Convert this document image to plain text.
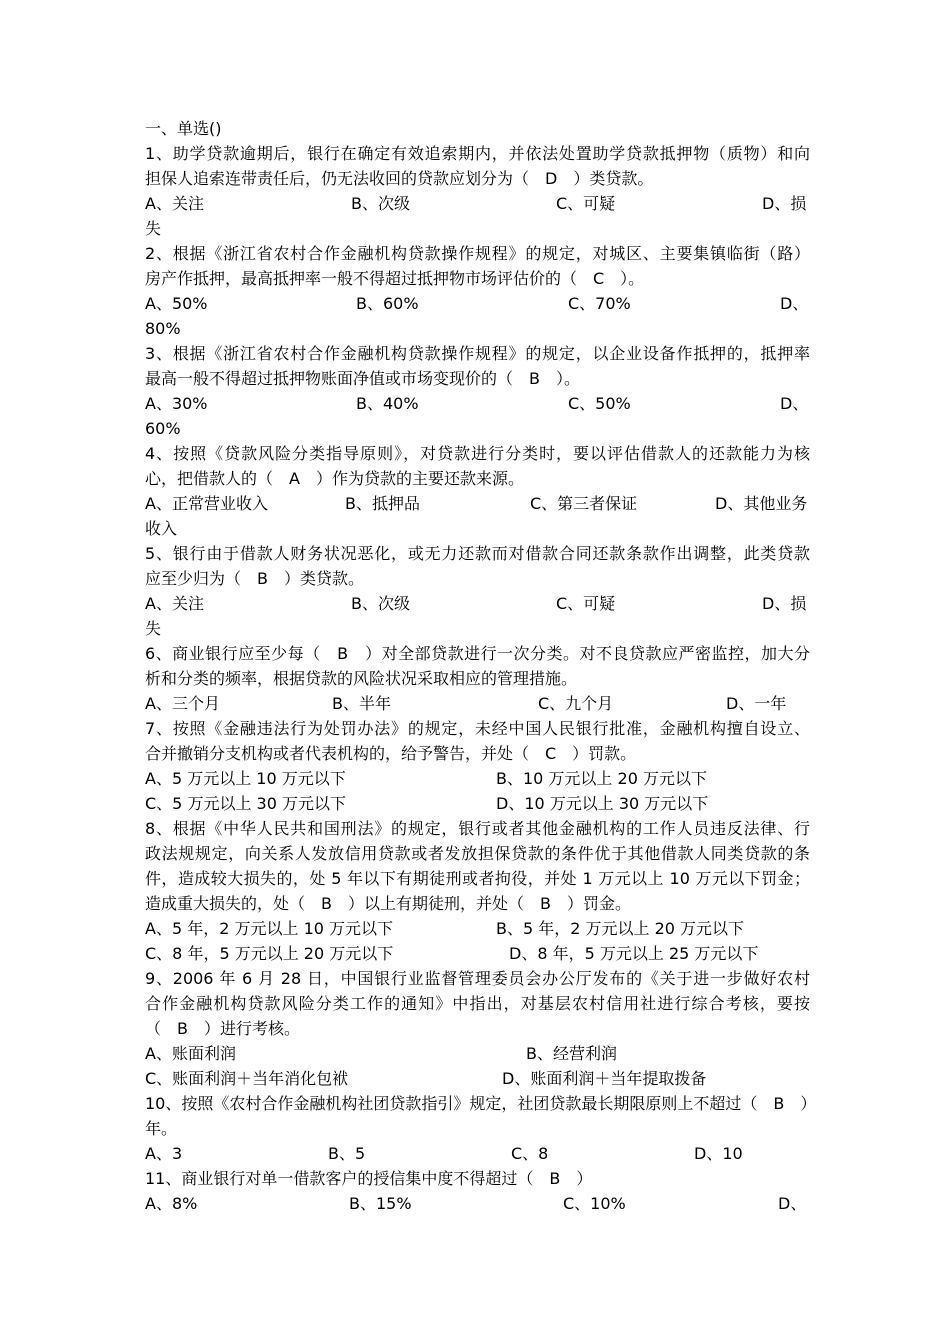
一、单选()
1、助学贷款逾期后，银行在确定有效追索期内，并依法处置助学贷款抵押物（质物）和向
担保人追索连带责任后，仍无法收回的贷款应划分为（　D　）类贷款。
A、关注	B、次级	C、可疑	D、损
失
2、根据《浙江省农村合作金融机构贷款操作规程》的规定，对城区、主要集镇临街（路）
房产作抵押，最高抵押率一般不得超过抵押物市场评估价的（　C　）。
A、50%	B、60%	C、70%	D、
80%
3、根据《浙江省农村合作金融机构贷款操作规程》的规定，以企业设备作抵押的，抵押率
最高一般不得超过抵押物账面净值或市场变现价的（　B　）。
A、30%	B、40%	C、50%	D、
60%
4、按照《贷款风险分类指导原则》，对贷款进行分类时，要以评估借款人的还款能力为核
心，把借款人的（　A　）作为贷款的主要还款来源。
A、正常营业收入	B、抵押品	C、第三者保证	D、其他业务
收入
5、银行由于借款人财务状况恶化，或无力还款而对借款合同还款条款作出调整，此类贷款
应至少归为（　B　）类贷款。
A、关注	B、次级	C、可疑	D、损
失
6、商业银行应至少每（　B　）对全部贷款进行一次分类。对不良贷款应严密监控，加大分
析和分类的频率，根据贷款的风险状况采取相应的管理措施。
A、三个月	B、半年	C、九个月	D、一年
7、按照《金融违法行为处罚办法》的规定，未经中国人民银行批准，金融机构擅自设立、
合并撤销分支机构或者代表机构的，给予警告，并处（　C　）罚款。
A、5 万元以上 10 万元以下	B、10 万元以上 20 万元以下
C、5 万元以上 30 万元以下	D、10 万元以上 30 万元以下
8、根据《中华人民共和国刑法》的规定，银行或者其他金融机构的工作人员违反法律、行
政法规规定，向关系人发放信用贷款或者发放担保贷款的条件优于其他借款人同类贷款的条
件，造成较大损失的，处 5 年以下有期徒刑或者拘役，并处 1 万元以上 10 万元以下罚金；
造成重大损失的，处（　B　）以上有期徒刑，并处（　B　）罚金。
A、5 年，2 万元以上 10 万元以下	B、5 年，2 万元以上 20 万元以下
C、8 年，5 万元以上 20 万元以下	D、8 年，5 万元以上 25 万元以下
9、2006 年 6 月 28 日，中国银行业监督管理委员会办公厅发布的《关于进一步做好农村
合作金融机构贷款风险分类工作的通知》中指出，对基层农村信用社进行综合考核，要按
（　B　）进行考核。
A、账面利润	B、经营利润
C、账面利润＋当年消化包袱	D、账面利润＋当年提取拨备
10、按照《农村合作金融机构社团贷款指引》规定，社团贷款最长期限原则上不超过（　B　）
年。
A、3	B、5	C、8	D、10
11、商业银行对单一借款客户的授信集中度不得超过（　B　）
A、8%	B、15%	C、10%	D、
